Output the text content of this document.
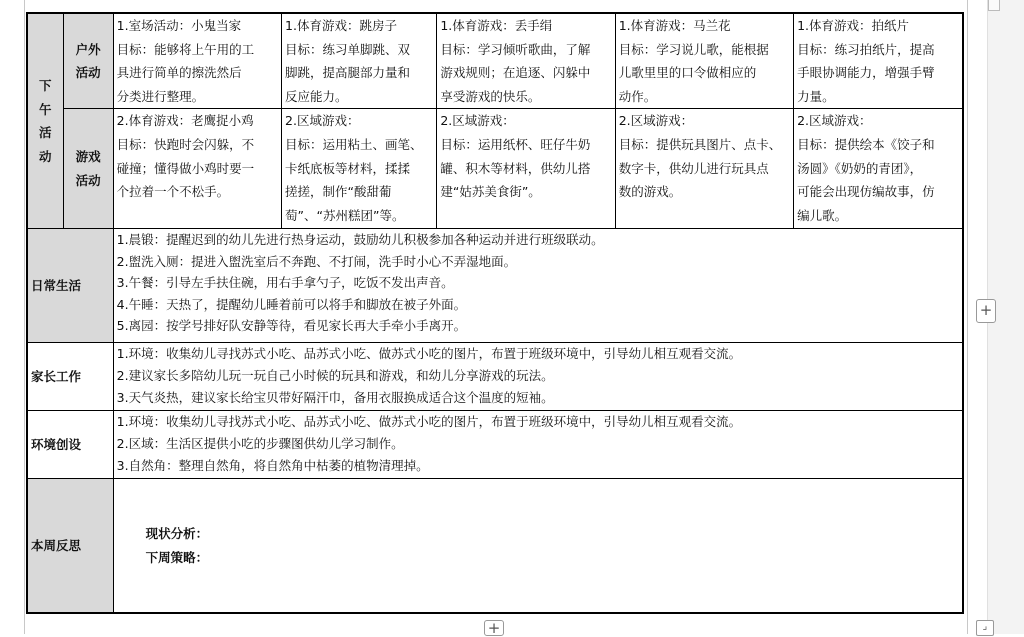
下午活动	户外活动	1.室场活动：小鬼当家
目标：能够将上午用的工
具进行简单的擦洗然后
分类进行整理。	1.体育游戏：跳房子
目标：练习单脚跳、双
脚跳，提高腿部力量和
反应能力。	1.体育游戏：丢手绢
目标：学习倾听歌曲，了解
游戏规则；在追逐、闪躲中
享受游戏的快乐。	1.体育游戏：马兰花
目标：学习说儿歌，能根据
儿歌里里的口令做相应的
动作。	1.体育游戏：拍纸片
目标：练习拍纸片，提高
手眼协调能力，增强手臂
力量。

	游戏活动	2.体育游戏：老鹰捉小鸡
目标：快跑时会闪躲，不
碰撞；懂得做小鸡时要一
个拉着一个不松手。	2.区域游戏：
目标：运用粘土、画笔、
卡纸底板等材料，揉揉
搓搓，制作“酸甜葡
萄”、“苏州糕团”等。	2.区域游戏：
目标：运用纸杯、旺仔牛奶
罐、积木等材料，供幼儿搭
建“姑苏美食街”。	2.区域游戏：
目标：提供玩具图片、点卡、
数字卡，供幼儿进行玩具点
数的游戏。	2.区域游戏：
目标：提供绘本《饺子和
汤圆》《奶奶的青团》，
可能会出现仿编故事，仿
编儿歌。

日常生活		1.晨锻：提醒迟到的幼儿先进行热身运动，鼓励幼儿积极参加各种运动并进行班级联动。
2.盥洗入厕：提进入盥洗室后不奔跑、不打闹，洗手时小心不弄湿地面。
3.午餐：引导左手扶住碗，用右手拿勺子，吃饭不发出声音。
4.午睡：天热了，提醒幼儿睡着前可以将手和脚放在被子外面。
5.离园：按学号排好队安静等待，看见家长再大手牵小手离开。				

家长工作		1.环境：收集幼儿寻找苏式小吃、品苏式小吃、做苏式小吃的图片，布置于班级环境中，引导幼儿相互观看交流。
2.建议家长多陪幼儿玩一玩自己小时候的玩具和游戏，和幼儿分享游戏的玩法。
3.天气炎热，建议家长给宝贝带好隔汗巾，备用衣服换成适合这个温度的短袖。				

环境创设		1.环境：收集幼儿寻找苏式小吃、品苏式小吃、做苏式小吃的图片，布置于班级环境中，引导幼儿相互观看交流。
2.区域：生活区提供小吃的步骤图供幼儿学习制作。
3.自然角：整理自然角，将自然角中枯萎的植物清理掉。				

本周反思		现状分析：
下周策略：				
+
+	⌟
